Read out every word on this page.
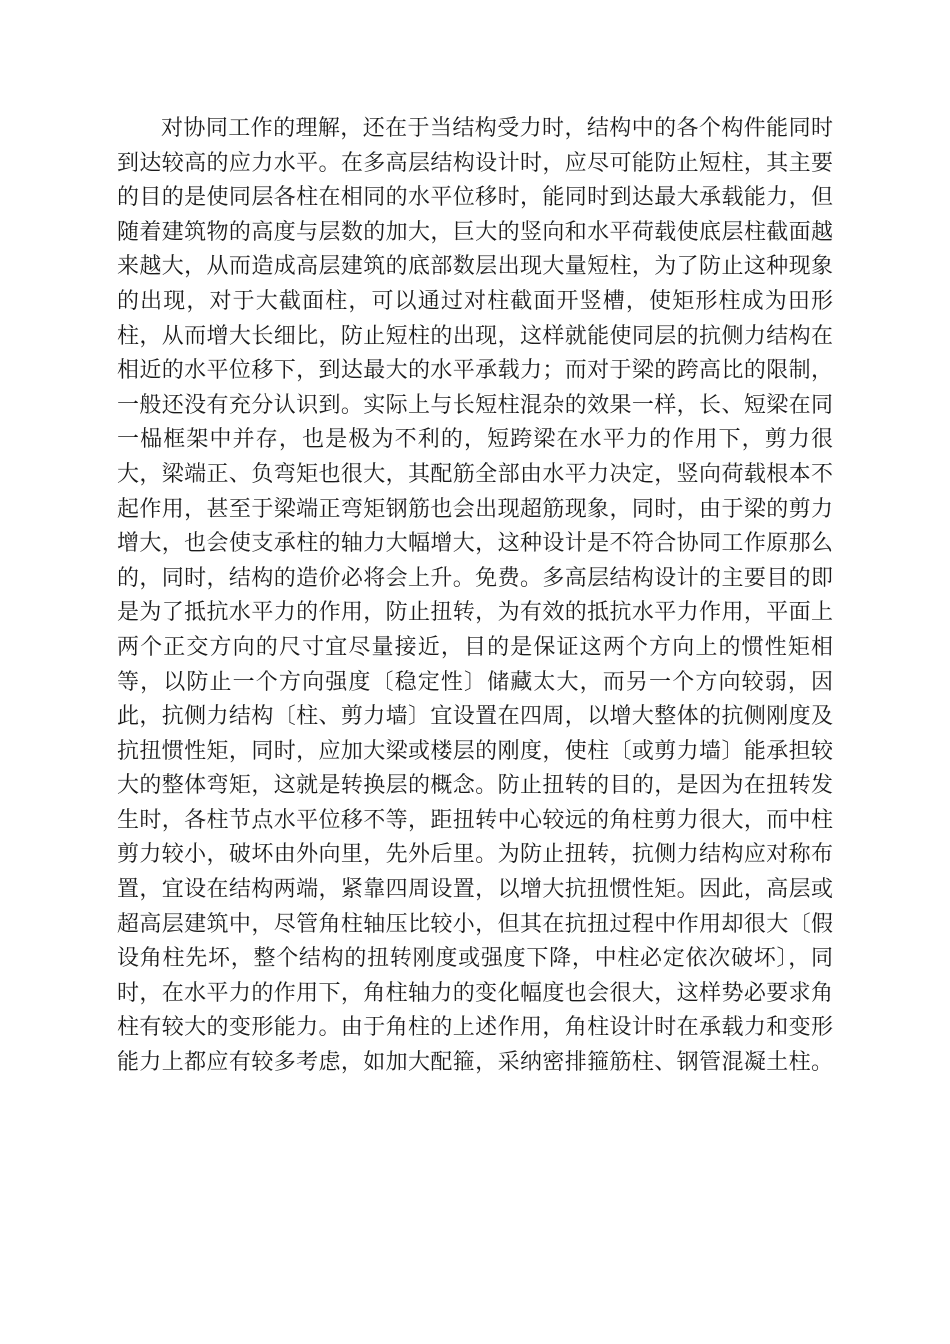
对协同工作的理解，还在于当结构受力时，结构中的各个构件能同时
到达较高的应力水平。在多高层结构设计时，应尽可能防止短柱，其主要
的目的是使同层各柱在相同的水平位移时，能同时到达最大承载能力，但
随着建筑物的高度与层数的加大，巨大的竖向和水平荷载使底层柱截面越
来越大，从而造成高层建筑的底部数层出现大量短柱，为了防止这种现象
的出现，对于大截面柱，可以通过对柱截面开竖槽，使矩形柱成为田形
柱，从而增大长细比，防止短柱的出现，这样就能使同层的抗侧力结构在
相近的水平位移下，到达最大的水平承载力；而对于梁的跨高比的限制，
一般还没有充分认识到。实际上与长短柱混杂的效果一样，长、短梁在同
一榀框架中并存，也是极为不利的，短跨梁在水平力的作用下，剪力很
大，梁端正、负弯矩也很大，其配筋全部由水平力决定，竖向荷载根本不
起作用，甚至于梁端正弯矩钢筋也会出现超筋现象，同时，由于梁的剪力
增大，也会使支承柱的轴力大幅增大，这种设计是不符合协同工作原那么
的，同时，结构的造价必将会上升。免费。多高层结构设计的主要目的即
是为了抵抗水平力的作用，防止扭转，为有效的抵抗水平力作用，平面上
两个正交方向的尺寸宜尽量接近，目的是保证这两个方向上的惯性矩相
等，以防止一个方向强度〔稳定性〕储藏太大，而另一个方向较弱，因
此，抗侧力结构〔柱、剪力墙〕宜设置在四周，以增大整体的抗侧刚度及
抗扭惯性矩，同时，应加大梁或楼层的刚度，使柱〔或剪力墙〕能承担较
大的整体弯矩，这就是转换层的概念。防止扭转的目的，是因为在扭转发
生时，各柱节点水平位移不等，距扭转中心较远的角柱剪力很大，而中柱
剪力较小，破坏由外向里，先外后里。为防止扭转，抗侧力结构应对称布
置，宜设在结构两端，紧靠四周设置，以增大抗扭惯性矩。因此，高层或
超高层建筑中，尽管角柱轴压比较小，但其在抗扭过程中作用却很大〔假
设角柱先坏，整个结构的扭转刚度或强度下降，中柱必定依次破坏〕，同
时，在水平力的作用下，角柱轴力的变化幅度也会很大，这样势必要求角
柱有较大的变形能力。由于角柱的上述作用，角柱设计时在承载力和变形
能力上都应有较多考虑，如加大配箍，采纳密排箍筋柱、钢管混凝土柱。
